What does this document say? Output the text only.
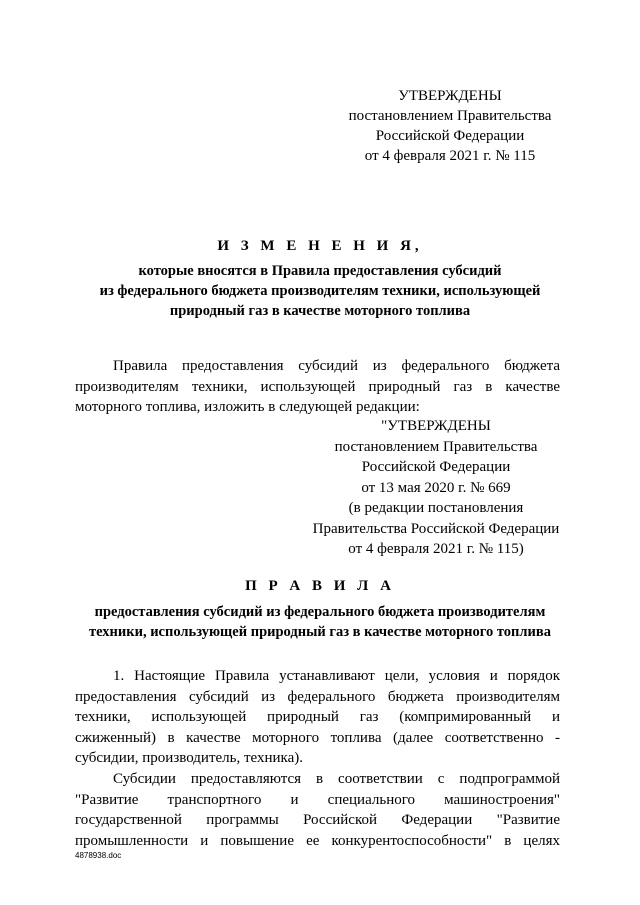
УТВЕРЖДЕНЫ
постановлением Правительства
Российской Федерации
от 4 февраля 2021 г. № 115
И З М Е Н Е Н И Я,
которые вносятся в Правила предоставления субсидий
из федерального бюджета производителям техники, использующей
природный газ в качестве моторного топлива
Правила предоставления субсидий из федерального бюджета
производителям техники, использующей природный газ в качестве
моторного топлива, изложить в следующей редакции:
"УТВЕРЖДЕНЫ
постановлением Правительства
Российской Федерации
от 13 мая 2020 г. № 669
(в редакции постановления
Правительства Российской Федерации
от 4 февраля 2021 г. № 115)
П Р А В И Л А
предоставления субсидий из федерального бюджета производителям
техники, использующей природный газ в качестве моторного топлива
1. Настоящие Правила устанавливают цели, условия и порядок
предоставления субсидий из федерального бюджета производителям
техники, использующей природный газ (компримированный и
сжиженный) в качестве моторного топлива (далее соответственно -
субсидии, производитель, техника).
Субсидии предоставляются в соответствии с подпрограммой
"Развитие транспортного и специального машиностроения"
государственной программы Российской Федерации "Развитие
промышленности и повышение ее конкурентоспособности" в целях
4878938.doc
